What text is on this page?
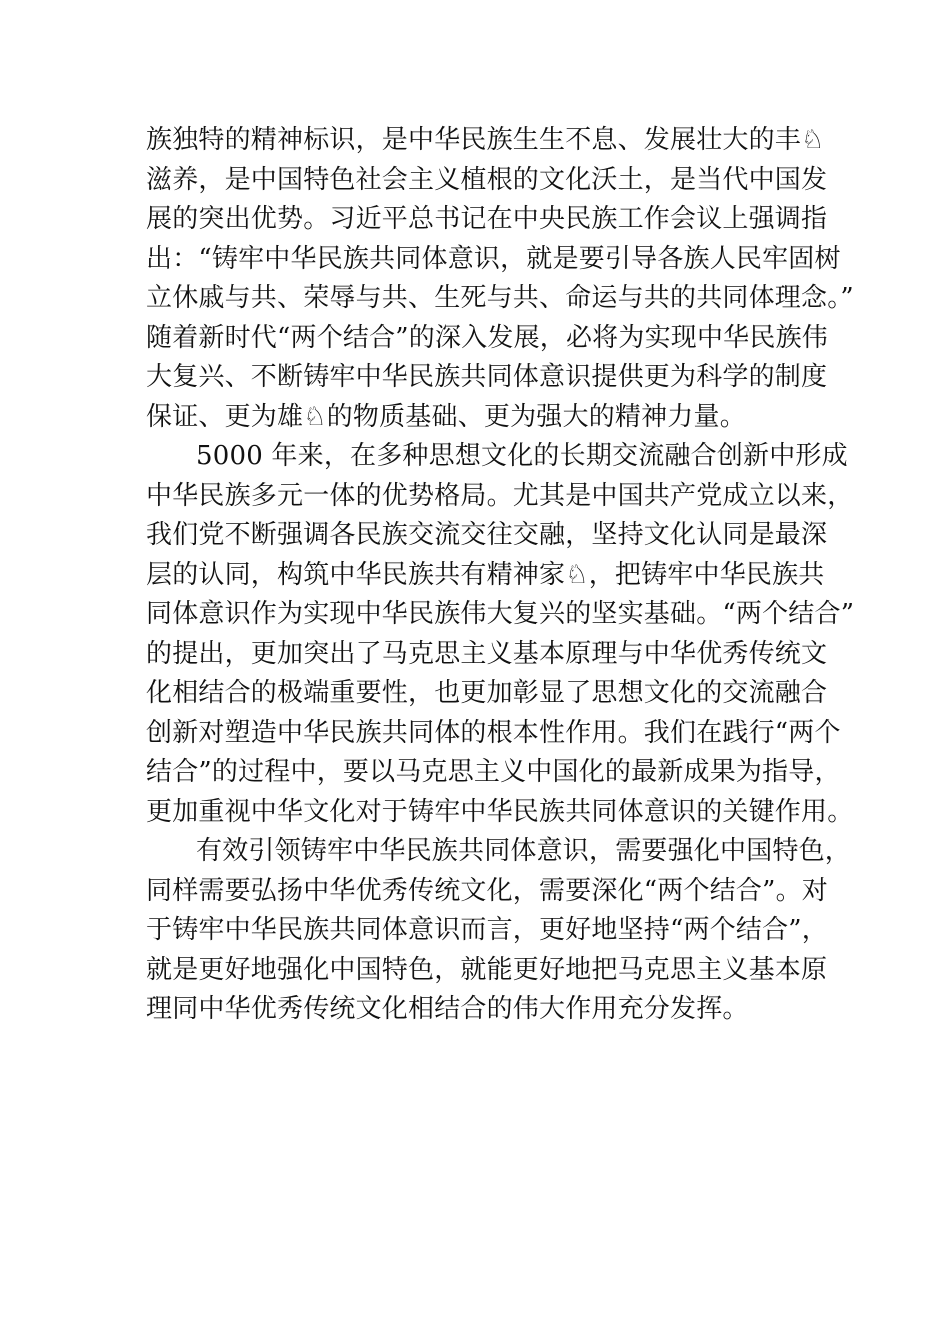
族独特的精神标识，是中华民族生生不息、发展壮大的丰♘
滋养，是中国特色社会主义植根的文化沃土，是当代中国发
展的突出优势。习近平总书记在中央民族工作会议上强调指
出：“铸牢中华民族共同体意识，就是要引导各族人民牢固树
立休戚与共、荣辱与共、生死与共、命运与共的共同体理念。”
随着新时代“两个结合”的深入发展，必将为实现中华民族伟
大复兴、不断铸牢中华民族共同体意识提供更为科学的制度
保证、更为雄♘的物质基础、更为强大的精神力量。
5000 年来，在多种思想文化的长期交流融合创新中形成
中华民族多元一体的优势格局。尤其是中国共产党成立以来，
我们党不断强调各民族交流交往交融，坚持文化认同是最深
层的认同，构筑中华民族共有精神家♘，把铸牢中华民族共
同体意识作为实现中华民族伟大复兴的坚实基础。“两个结合”
的提出，更加突出了马克思主义基本原理与中华优秀传统文
化相结合的极端重要性，也更加彰显了思想文化的交流融合
创新对塑造中华民族共同体的根本性作用。我们在践行“两个
结合”的过程中，要以马克思主义中国化的最新成果为指导，
更加重视中华文化对于铸牢中华民族共同体意识的关键作用。
有效引领铸牢中华民族共同体意识，需要强化中国特色，
同样需要弘扬中华优秀传统文化，需要深化“两个结合”。对
于铸牢中华民族共同体意识而言，更好地坚持“两个结合”，
就是更好地强化中国特色，就能更好地把马克思主义基本原
理同中华优秀传统文化相结合的伟大作用充分发挥。
